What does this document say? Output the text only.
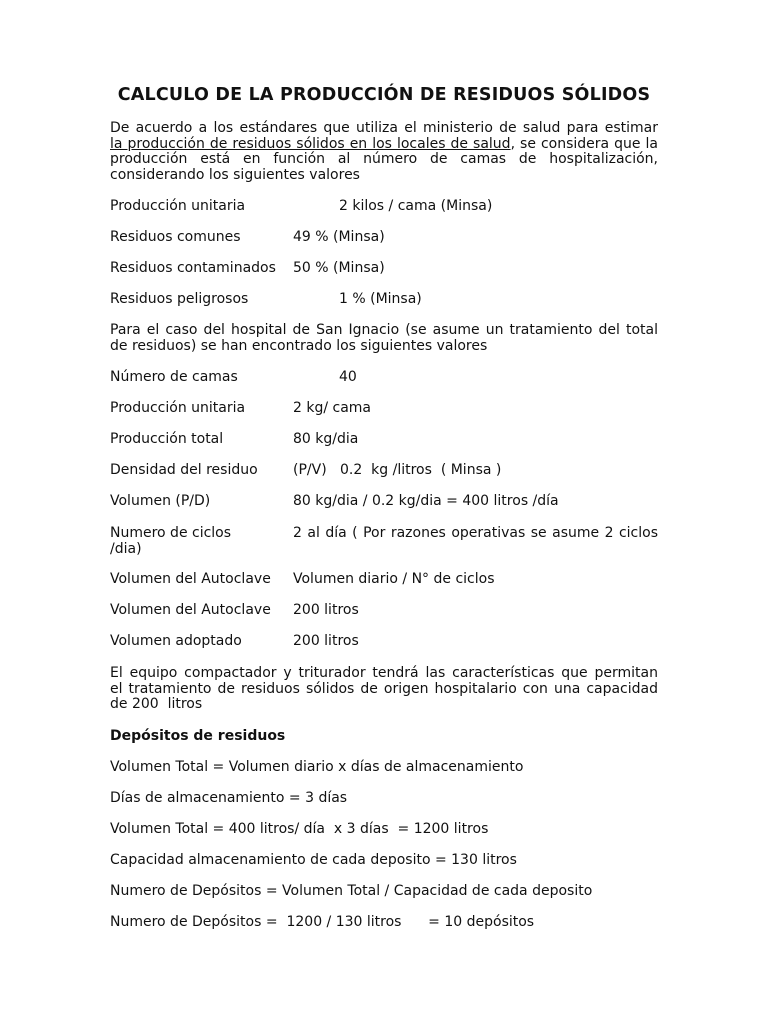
CALCULO DE LA PRODUCCIÓN DE RESIDUOS SÓLIDOS
De acuerdo a los estándares que utiliza el ministerio de salud para estimar
la producción de residuos sólidos en los locales de salud, se considera que la
producción está en función al número de camas de hospitalización,
considerando los siguientes valores
Producción unitaria	2 kilos / cama (Minsa)
Residuos comunes	49 % (Minsa)
Residuos contaminados 50 % (Minsa)
Residuos peligrosos	1 % (Minsa)
Para el caso del hospital de San Ignacio (se asume un tratamiento del total
de residuos) se han encontrado los siguientes valores
Número de camas	40
Producción unitaria	2 kg/ cama
Producción total	80 kg/dia
Densidad del residuo	(P/V)   0.2  kg /litros  ( Minsa )
Volumen (P/D)	80 kg/dia / 0.2 kg/dia = 400 litros /día
Numero de ciclos	2 al día ( Por razones operativas se asume 2 ciclos
/dia)
Volumen del Autoclave Volumen diario / N° de ciclos
Volumen del Autoclave 200 litros
Volumen adoptado	200 litros
El equipo compactador y triturador tendrá las características que permitan
el tratamiento de residuos sólidos de origen hospitalario con una capacidad
de 200  litros
Depósitos de residuos
Volumen Total = Volumen diario x días de almacenamiento
Días de almacenamiento = 3 días
Volumen Total = 400 litros/ día  x 3 días  = 1200 litros
Capacidad almacenamiento de cada deposito = 130 litros
Numero de Depósitos = Volumen Total / Capacidad de cada deposito
Numero de Depósitos =  1200 / 130 litros      = 10 depósitos
